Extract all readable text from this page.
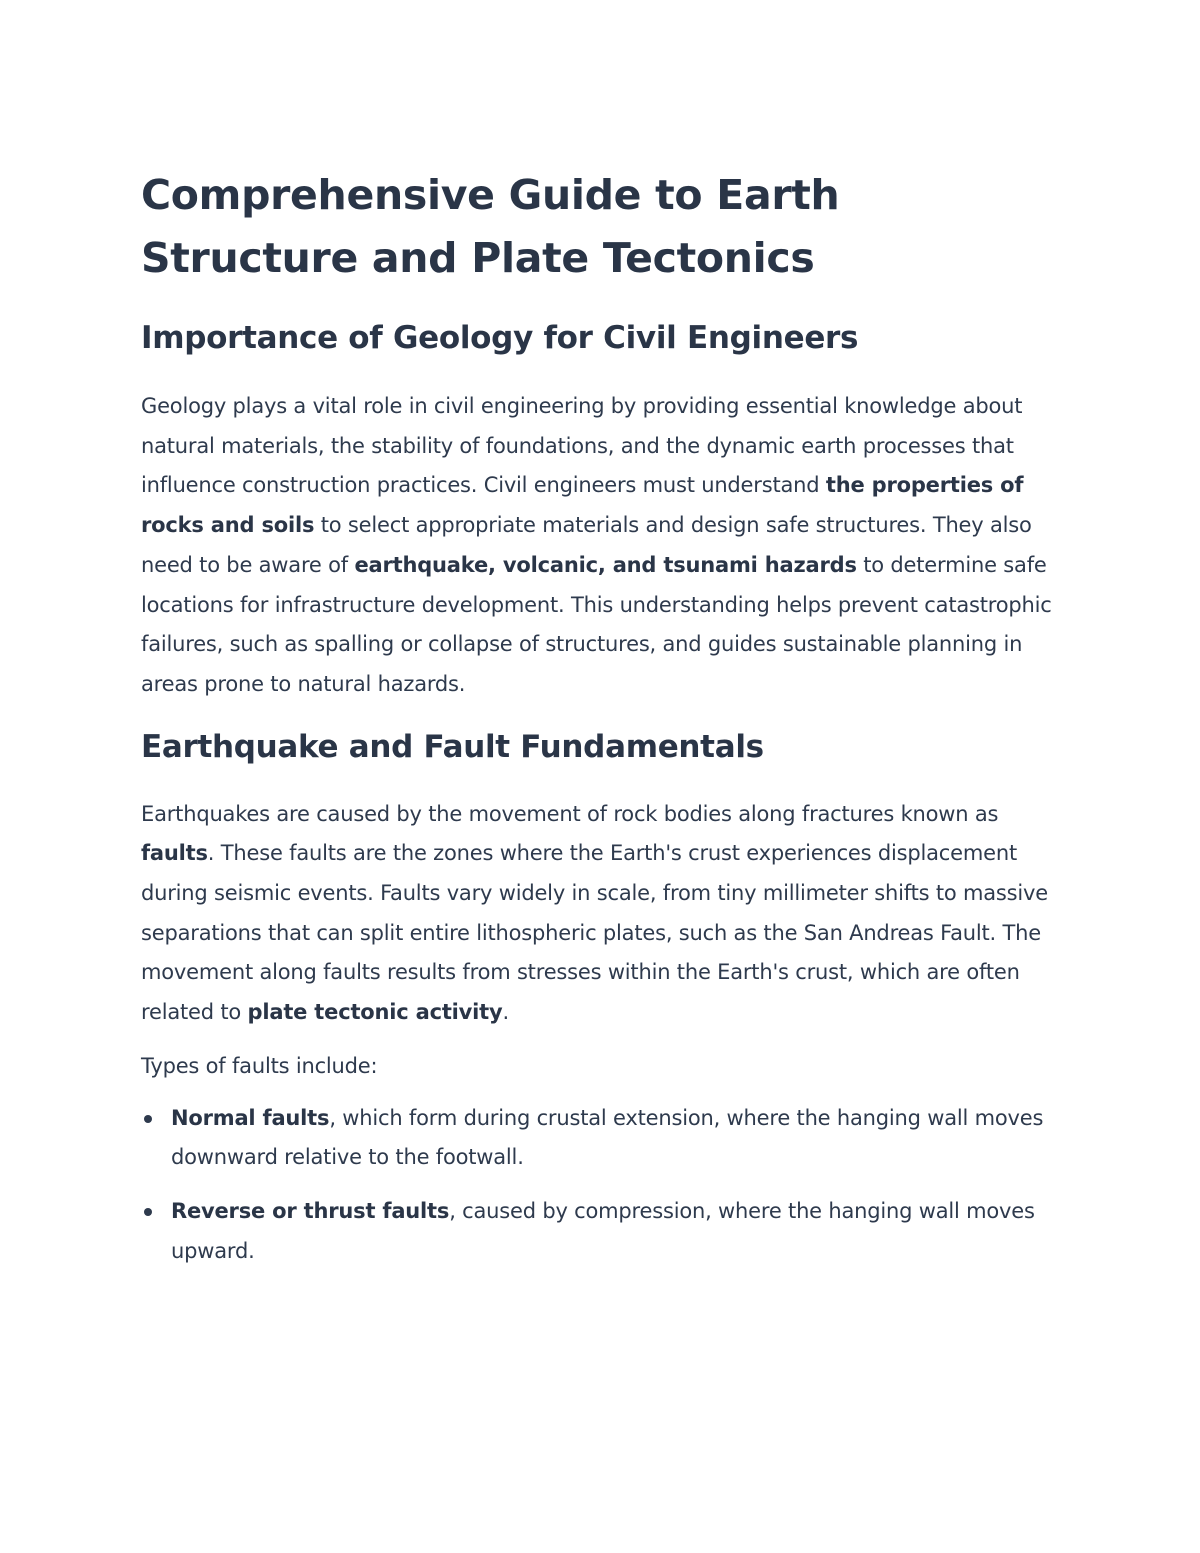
Comprehensive Guide to Earth Structure and Plate Tectonics
Importance of Geology for Civil Engineers

Geology plays a vital role in civil engineering by providing essential knowledge about natural materials, the stability of foundations, and the dynamic earth processes that influence construction practices. Civil engineers must understand the properties of rocks and soils to select appropriate materials and design safe structures. They also need to be aware of earthquake, volcanic, and tsunami hazards to determine safe locations for infrastructure development. This understanding helps prevent catastrophic failures, such as spalling or collapse of structures, and guides sustainable planning in areas prone to natural hazards.

Earthquake and Fault Fundamentals

Earthquakes are caused by the movement of rock bodies along fractures known as faults. These faults are the zones where the Earth's crust experiences displacement during seismic events. Faults vary widely in scale, from tiny millimeter shifts to massive separations that can split entire lithospheric plates, such as the San Andreas Fault. The movement along faults results from stresses within the Earth's crust, which are often related to plate tectonic activity.

Types of faults include:

Normal faults, which form during crustal extension, where the hanging wall moves downward relative to the footwall.
Reverse or thrust faults, caused by compression, where the hanging wall moves upward.
